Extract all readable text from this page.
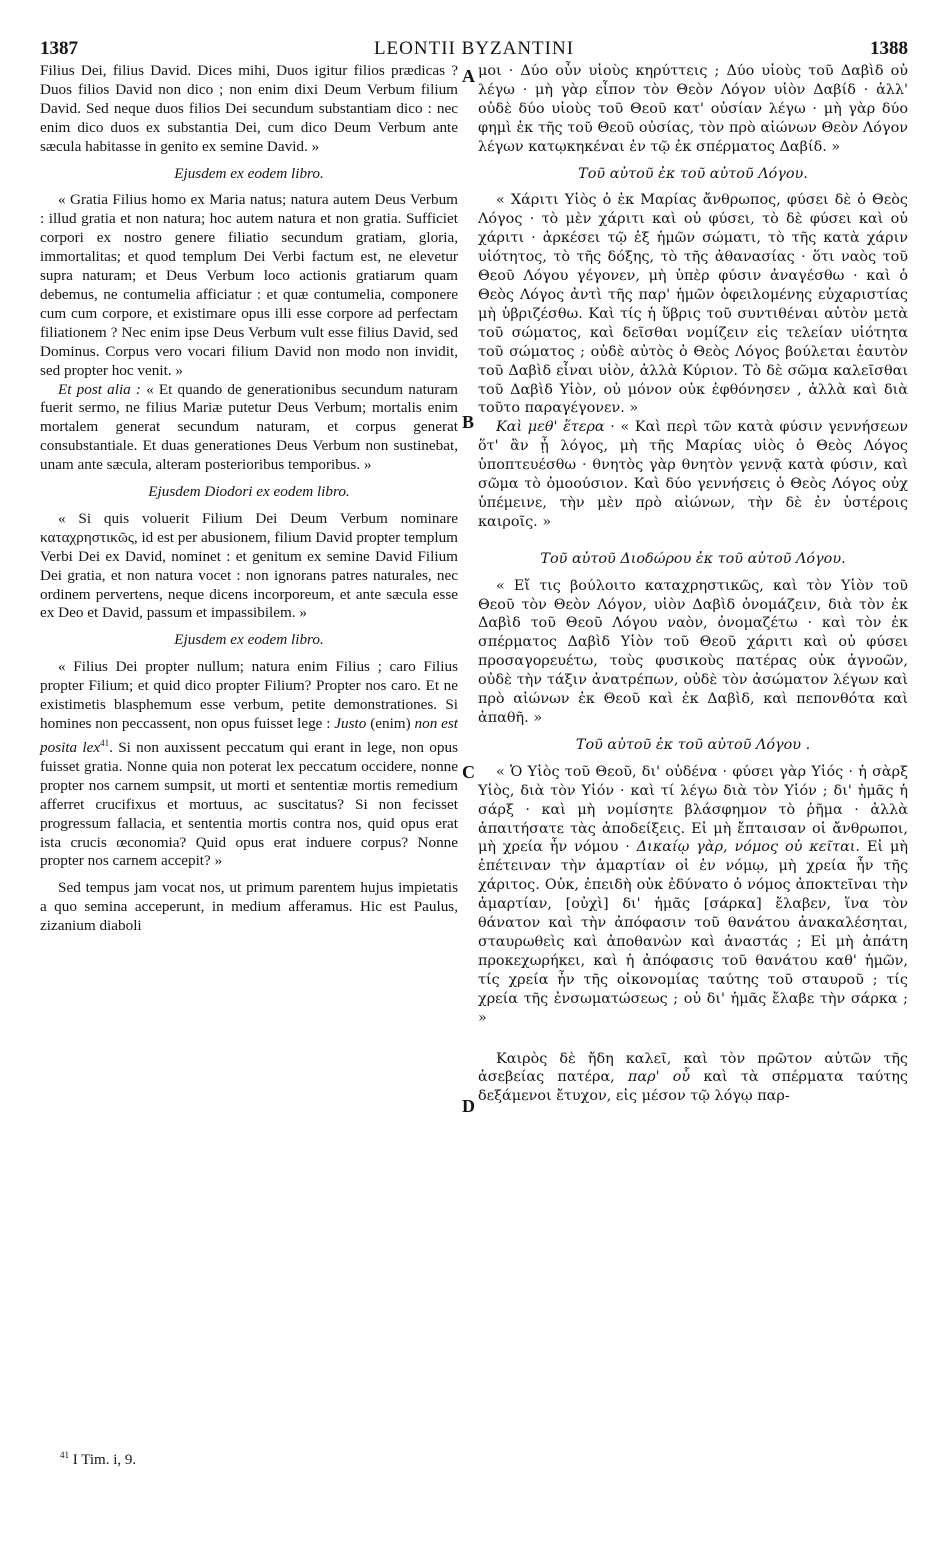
1387	LEONTII BYZANTINI	1388

Filius Dei, filius David. Dices mihi, Duos igitur filios prædicas ? Duos filios David non dico ; non enim dixi Deum Verbum filium David. Sed neque duos filios Dei secundum substantiam dico : nec enim dico duos ex substantia Dei, cum dico Deum Verbum ante sæcula habitasse in genito ex semine David. »

Ejusdem ex eodem libro.

« Gratia Filius homo ex Maria natus; natura autem Deus Verbum : illud gratia et non natura; hoc autem natura et non gratia. Sufficiet corpori ex nostro genere filiatio secundum gratiam, gloria, immortalitas; et quod templum Dei Verbi factum est, ne elevetur supra naturam; et Deus Verbum loco actionis gratiarum quam debemus, ne contumelia afficiatur : et quæ contumelia, componere cum cum corpore, et existimare opus illi esse corpore ad perfectam filiationem ? Nec enim ipse Deus Verbum vult esse filius David, sed Dominus. Corpus vero vocari filium David non modo non invidit, sed propter hoc venit. »

Et post alia : « Et quando de generationibus secundum naturam fuerit sermo, ne filius Mariæ putetur Deus Verbum; mortalis enim mortalem generat secundum naturam, et corpus generat consubstantiale. Et duas generationes Deus Verbum non sustinebat, unam ante sæcula, alteram posterioribus temporibus. »

Ejusdem Diodori ex eodem libro.

« Si quis voluerit Filium Dei Deum Verbum nominare καταχρηστικῶς, id est per abusionem, filium David propter templum Verbi Dei ex David, nominet : et genitum ex semine David Filium Dei gratia, et non natura vocet : non ignorans patres naturales, nec ordinem pervertens, neque dicens incorporeum, et ante sæcula esse ex Deo et David, passum et impassibilem. »

Ejusdem ex eodem libro.

« Filius Dei propter nullum; natura enim Filius ; caro Filius propter Filium; et quid dico propter Filium? Propter nos caro. Et ne existimetis blasphemum esse verbum, petite demonstrationes. Si homines non peccassent, non opus fuisset lege : Justo (enim) non est posita lex$^{41}$. Si non auxissent peccatum qui erant in lege, non opus fuisset gratia. Nonne quia non poterat lex peccatum occidere, nonne propter nos carnem sumpsit, ut morti et sententiæ mortis remedium afferret crucifixus et mortuus, ac suscitatus? Si non fecisset progressum fallacia, et sententia mortis contra nos, quid opus erat ista crucis œconomia? Quid opus erat induere corpus? Nonne propter nos carnem accepit? »

Sed tempus jam vocat nos, ut primum parentem hujus impietatis a quo semina acceperunt, in medium afferamus. Hic est Paulus, zizanium diaboli

A
B
C
D

μοι · Δύο οὖν υἱοὺς κηρύττεις ; Δύο υἱοὺς τοῦ Δαβὶδ οὐ λέγω · μὴ γὰρ εἶπον τὸν Θεὸν Λόγον υἱὸν Δαβίδ · ἀλλ' οὐδὲ δύο υἱοὺς τοῦ Θεοῦ κατ' οὐσίαν λέγω · μὴ γὰρ δύο φημὶ ἐκ τῆς τοῦ Θεοῦ οὐσίας, τὸν πρὸ αἰώνων Θεὸν Λόγον λέγων κατῳκηκέναι ἐν τῷ ἐκ σπέρματος Δαβίδ. »

Τοῦ αὐτοῦ ἐκ τοῦ αὐτοῦ Λόγου.

« Χάριτι Υἱὸς ὁ ἐκ Μαρίας ἄνθρωπος, φύσει δὲ ὁ Θεὸς Λόγος · τὸ μὲν χάριτι καὶ οὐ φύσει, τὸ δὲ φύσει καὶ οὐ χάριτι · ἀρκέσει τῷ ἐξ ἡμῶν σώματι, τὸ τῆς κατὰ χάριν υἱότητος, τὸ τῆς δόξης, τὸ τῆς ἀθανασίας · ὅτι ναὸς τοῦ Θεοῦ Λόγου γέγονεν, μὴ ὑπὲρ φύσιν ἀναγέσθω · καὶ ὁ Θεὸς Λόγος ἀντὶ τῆς παρ' ἡμῶν ὀφειλομένης εὐχαριστίας μὴ ὑβριζέσθω. Καὶ τίς ἡ ὕβρις τοῦ συντιθέναι αὐτὸν μετὰ τοῦ σώματος, καὶ δεῖσθαι νομίζειν εἰς τελείαν υἱότητα τοῦ σώματος ; οὐδὲ αὐτὸς ὁ Θεὸς Λόγος βούλεται ἑαυτὸν τοῦ Δαβὶδ εἶναι υἱὸν, ἀλλὰ Κύριον. Τὸ δὲ σῶμα καλεῖσθαι τοῦ Δαβὶδ Υἱὸν, οὐ μόνον οὐκ ἐφθόνησεν , ἀλλὰ καὶ διὰ τοῦτο παραγέγονεν. »

Καὶ μεθ' ἕτερα · « Καὶ περὶ τῶν κατὰ φύσιν γεννήσεων ὅτ' ἂν ᾖ λόγος, μὴ τῆς Μαρίας υἱὸς ὁ Θεὸς Λόγος ὑποπτευέσθω · θνητὸς γὰρ θνητὸν γεννᾷ κατὰ φύσιν, καὶ σῶμα τὸ ὁμοούσιον. Καὶ δύο γεννήσεις ὁ Θεὸς Λόγος οὐχ ὑπέμεινε, τὴν μὲν πρὸ αἰώνων, τὴν δὲ ἐν ὑστέροις καιροῖς. »

Τοῦ αὐτοῦ Διοδώρου ἐκ τοῦ αὐτοῦ Λόγου.

« Εἴ τις βούλοιτο καταχρηστικῶς, καὶ τὸν Υἱὸν τοῦ Θεοῦ τὸν Θεὸν Λόγον, υἱὸν Δαβὶδ ὀνομάζειν, διὰ τὸν ἐκ Δαβὶδ τοῦ Θεοῦ Λόγου ναὸν, ὀνομαζέτω · καὶ τὸν ἐκ σπέρματος Δαβὶδ Υἱὸν τοῦ Θεοῦ χάριτι καὶ οὐ φύσει προσαγορευέτω, τοὺς φυσικοὺς πατέρας οὐκ ἀγνοῶν, οὐδὲ τὴν τάξιν ἀνατρέπων, οὐδὲ τὸν ἀσώματον λέγων καὶ πρὸ αἰώνων ἐκ Θεοῦ καὶ ἐκ Δαβὶδ, καὶ πεπονθότα καὶ ἀπαθῆ. »

Τοῦ αὐτοῦ ἐκ τοῦ αὐτοῦ Λόγου .

« Ὁ Υἱὸς τοῦ Θεοῦ, δι' οὐδένα · φύσει γὰρ Υἱός · ἡ σὰρξ Υἱὸς, διὰ τὸν Υἱόν · καὶ τί λέγω διὰ τὸν Υἱόν ; δι' ἡμᾶς ἡ σάρξ · καὶ μὴ νομίσητε βλάσφημον τὸ ῥῆμα · ἀλλὰ ἀπαιτήσατε τὰς ἀποδείξεις. Εἰ μὴ ἔπταισαν οἱ ἄνθρωποι, μὴ χρεία ἦν νόμου · Δικαίῳ γὰρ, νόμος οὐ κεῖται. Εἰ μὴ ἐπέτειναν τὴν ἁμαρτίαν οἱ ἐν νόμῳ, μὴ χρεία ἦν τῆς χάριτος. Οὐκ, ἐπειδὴ οὐκ ἐδύνατο ὁ νόμος ἀποκτεῖναι τὴν ἁμαρτίαν, [οὐχὶ] δι' ἡμᾶς [σάρκα] ἔλαβεν, ἵνα τὸν θάνατον καὶ τὴν ἀπόφασιν τοῦ θανάτου ἀνακαλέσηται, σταυρωθεὶς καὶ ἀποθανὼν καὶ ἀναστάς ; Εἰ μὴ ἀπάτη προκεχωρήκει, καὶ ἡ ἀπόφασις τοῦ θανάτου καθ' ἡμῶν, τίς χρεία ἦν τῆς οἰκονομίας ταύτης τοῦ σταυροῦ ; τίς χρεία τῆς ἐνσωματώσεως ; οὐ δι' ἡμᾶς ἔλαβε τὴν σάρκα ; »

Καιρὸς δὲ ἤδη καλεῖ, καὶ τὸν πρῶτον αὐτῶν τῆς ἀσεβείας πατέρα, παρ' οὗ καὶ τὰ σπέρματα ταύτης δεξάμενοι ἔτυχον, εἰς μέσον τῷ λόγῳ παρ-

$^{41}$ I Tim. i, 9.
